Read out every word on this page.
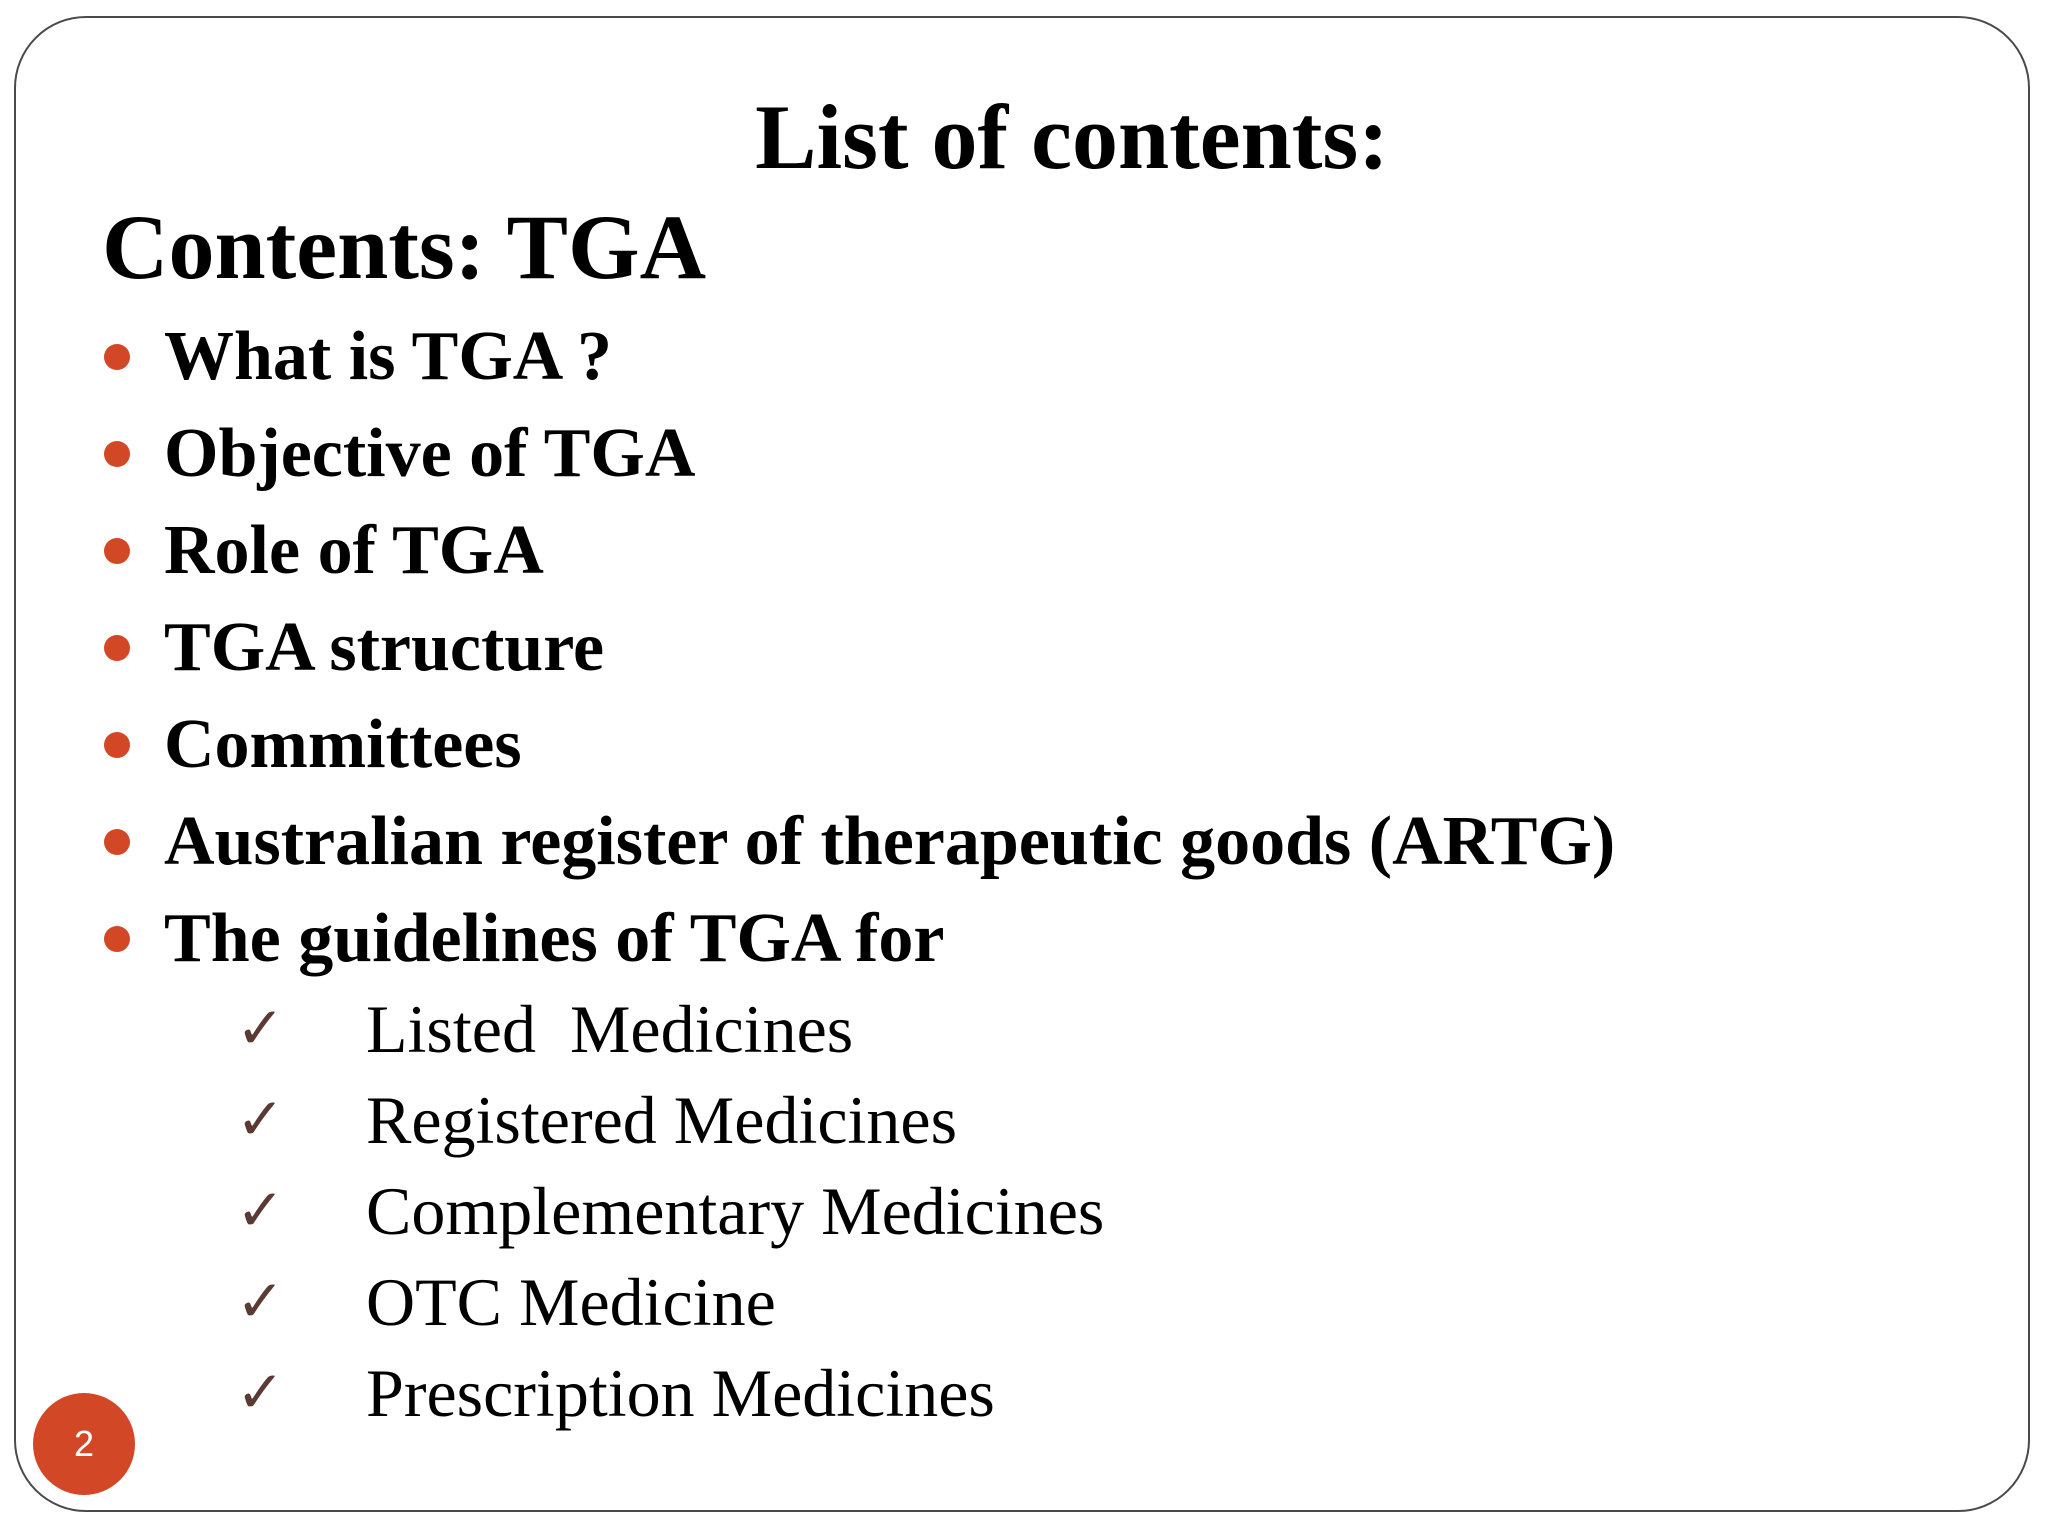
List of contents:
Contents: TGA
What is TGA ?
Objective of TGA
Role of TGA
TGA structure
Committees
Australian register of therapeutic goods (ARTG)
The guidelines of TGA for
✓	Listed  Medicines
✓	Registered Medicines
✓	Complementary Medicines
✓	OTC Medicine
✓	Prescription Medicines
2
